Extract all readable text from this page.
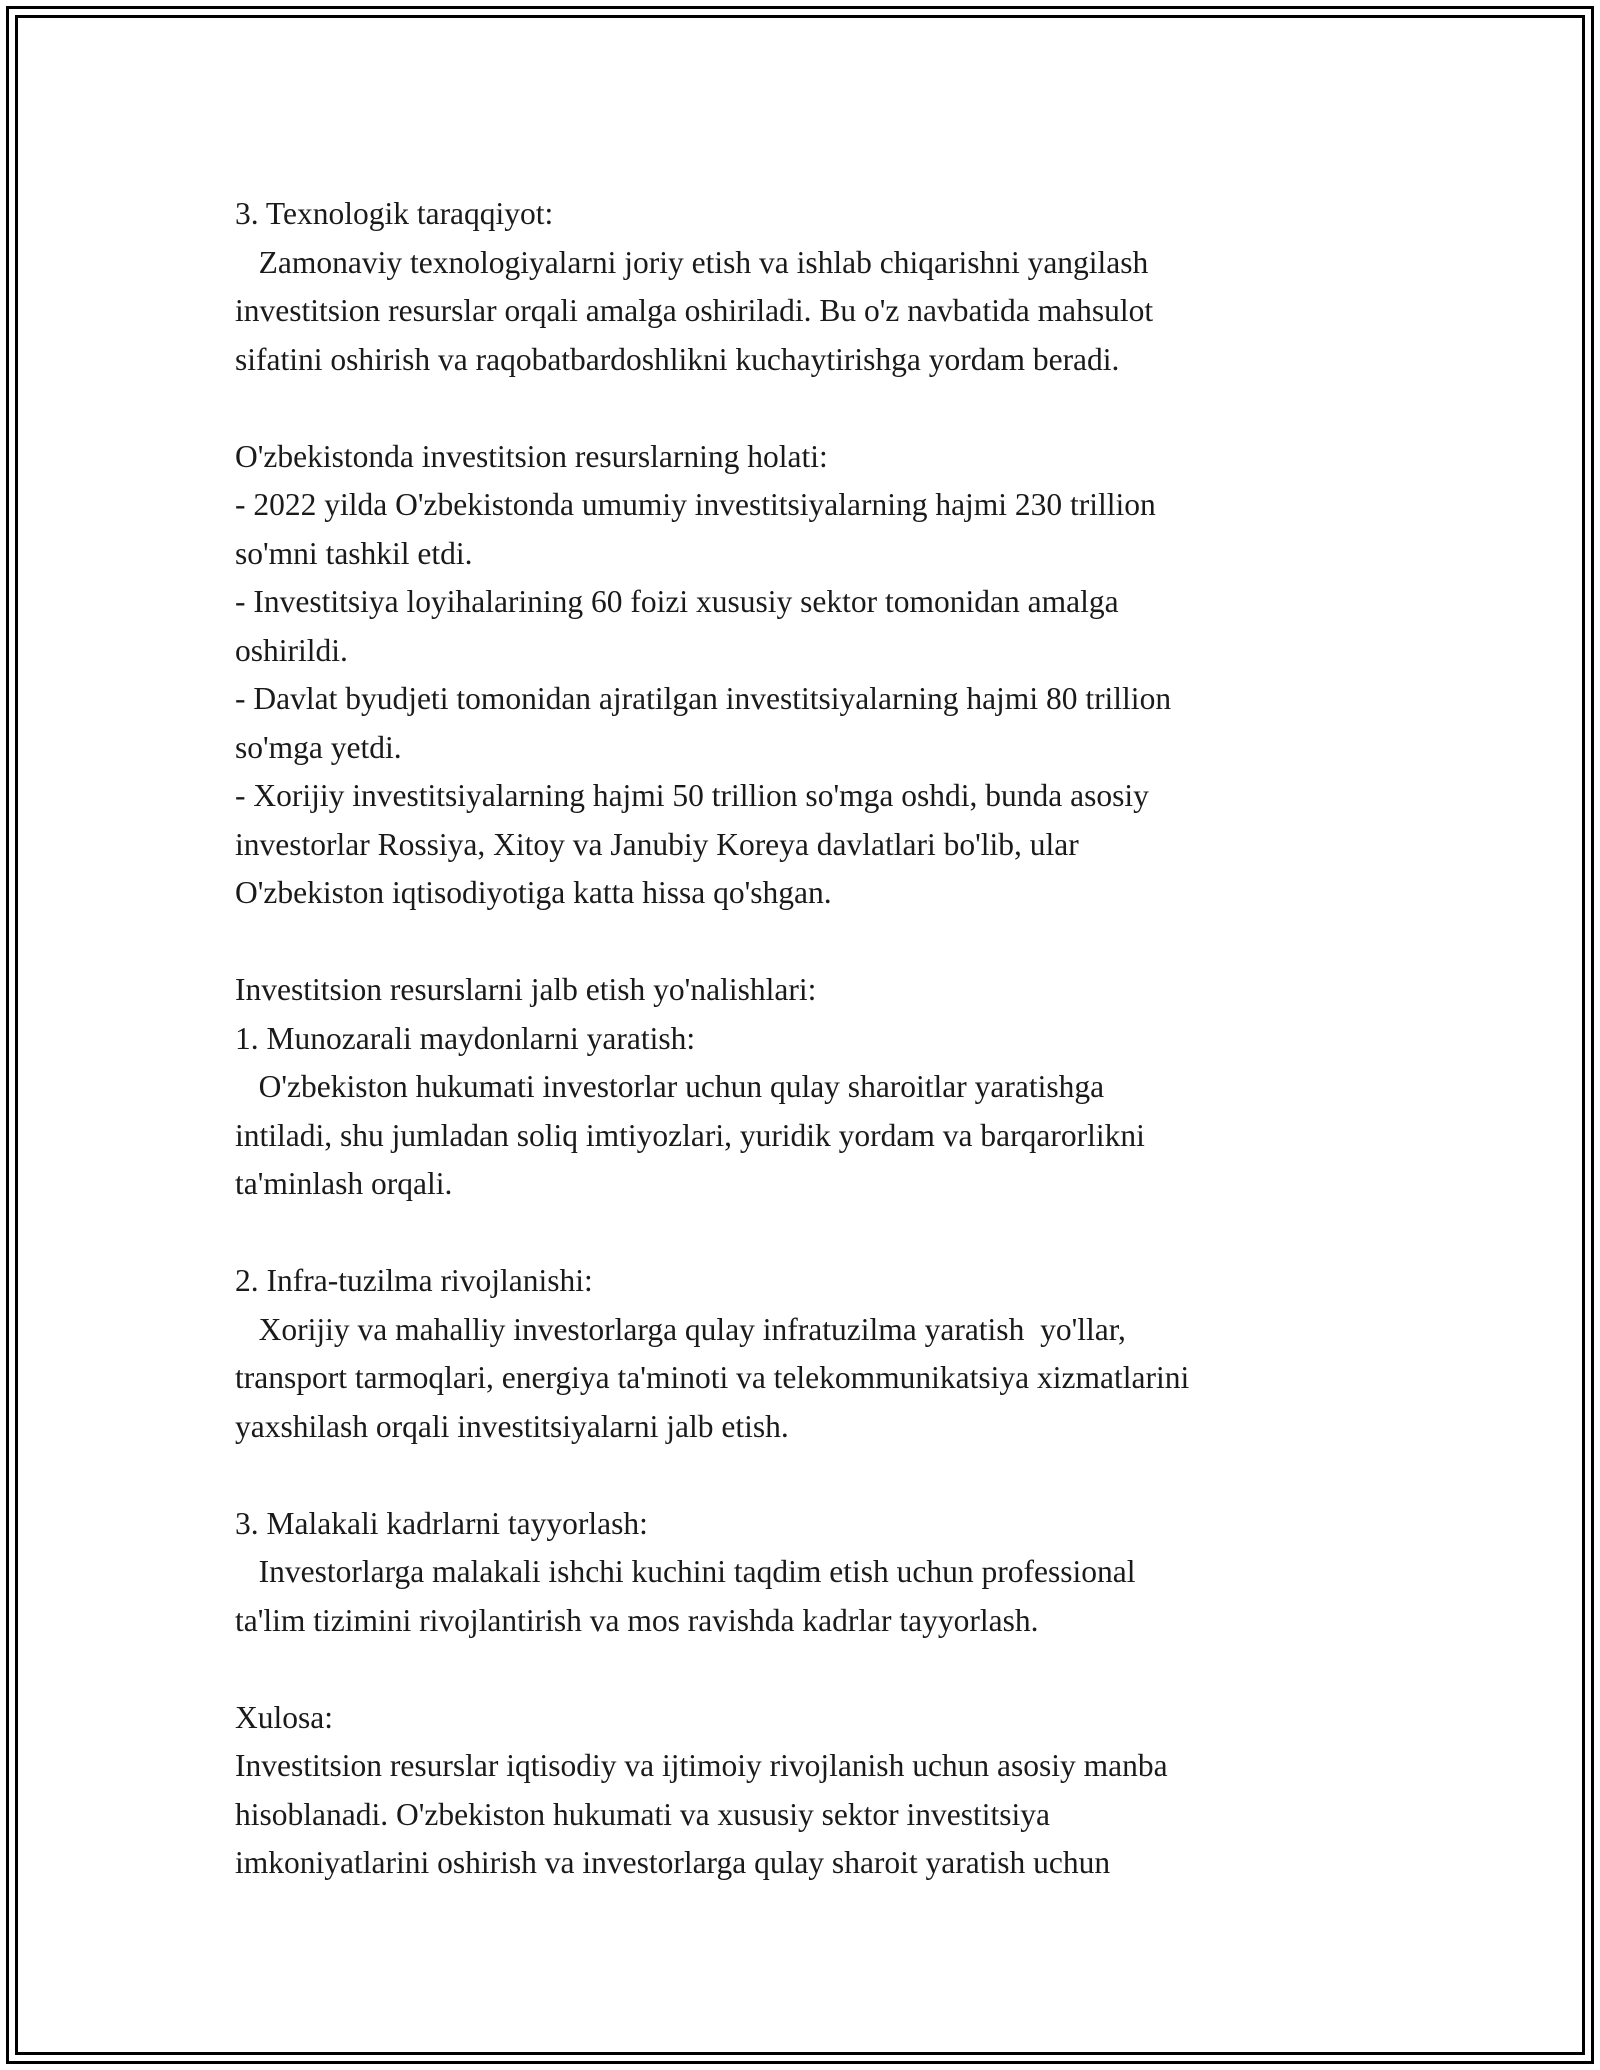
3. Texnologik taraqqiyot:

Zamonaviy texnologiyalarni joriy etish va ishlab chiqarishni yangilash

investitsion resurslar orqali amalga oshiriladi. Bu o'z navbatida mahsulot

sifatini oshirish va raqobatbardoshlikni kuchaytirishga yordam beradi.

O'zbekistonda investitsion resurslarning holati:

- 2022 yilda O'zbekistonda umumiy investitsiyalarning hajmi 230 trillion

so'mni tashkil etdi.

- Investitsiya loyihalarining 60 foizi xususiy sektor tomonidan amalga

oshirildi.

- Davlat byudjeti tomonidan ajratilgan investitsiyalarning hajmi 80 trillion

so'mga yetdi.

- Xorijiy investitsiyalarning hajmi 50 trillion so'mga oshdi, bunda asosiy

investorlar Rossiya, Xitoy va Janubiy Koreya davlatlari bo'lib, ular

O'zbekiston iqtisodiyotiga katta hissa qo'shgan.

Investitsion resurslarni jalb etish yo'nalishlari:

1. Munozarali maydonlarni yaratish:

O'zbekiston hukumati investorlar uchun qulay sharoitlar yaratishga

intiladi, shu jumladan soliq imtiyozlari, yuridik yordam va barqarorlikni

ta'minlash orqali.

2. Infra-tuzilma rivojlanishi:

Xorijiy va mahalliy investorlarga qulay infratuzilma yaratish  yo'llar,

transport tarmoqlari, energiya ta'minoti va telekommunikatsiya xizmatlarini

yaxshilash orqali investitsiyalarni jalb etish.

3. Malakali kadrlarni tayyorlash:

Investorlarga malakali ishchi kuchini taqdim etish uchun professional

ta'lim tizimini rivojlantirish va mos ravishda kadrlar tayyorlash.

Xulosa:

Investitsion resurslar iqtisodiy va ijtimoiy rivojlanish uchun asosiy manba

hisoblanadi. O'zbekiston hukumati va xususiy sektor investitsiya

imkoniyatlarini oshirish va investorlarga qulay sharoit yaratish uchun
